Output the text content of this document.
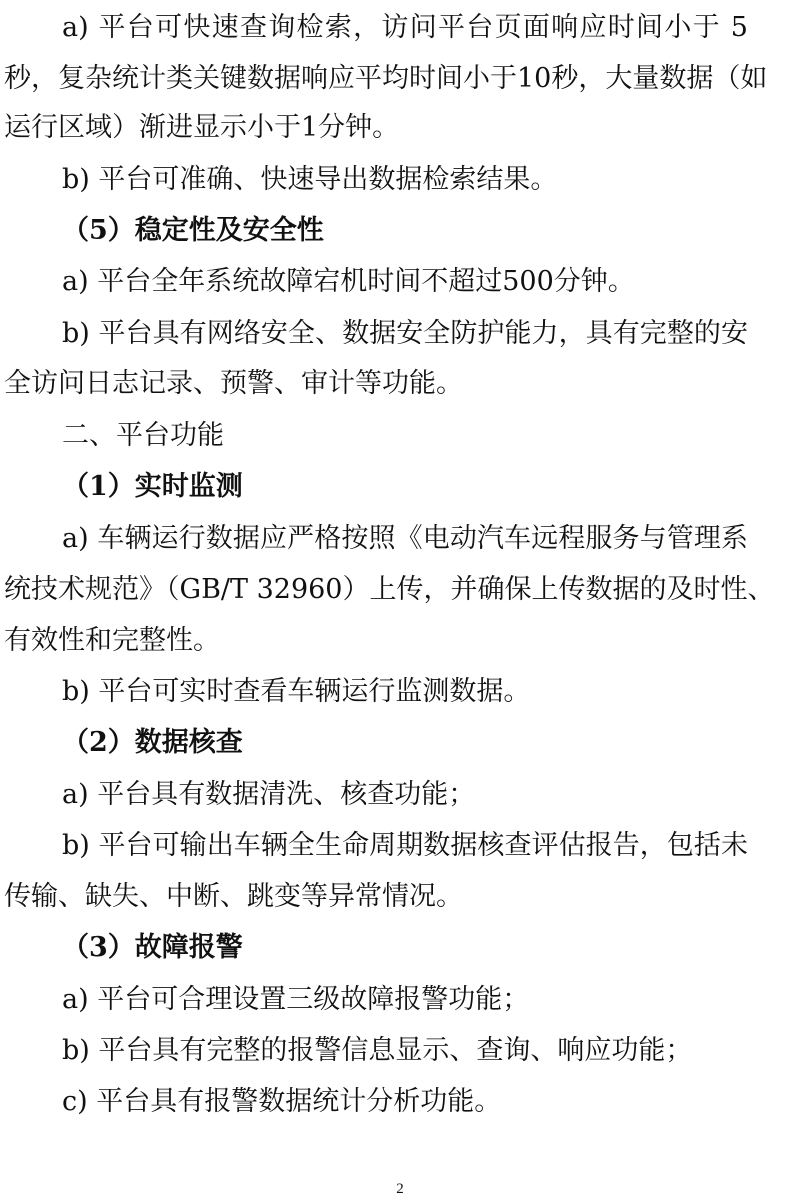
a) 平台可快速查询检索，访问平台页面响应时间小于 5
秒，复杂统计类关键数据响应平均时间小于10秒，大量数据（如
运行区域）渐进显示小于1分钟。
b) 平台可准确、快速导出数据检索结果。
（5）稳定性及安全性
a) 平台全年系统故障宕机时间不超过500分钟。
b) 平台具有网络安全、数据安全防护能力，具有完整的安
全访问日志记录、预警、审计等功能。
二、平台功能
（1）实时监测
a) 车辆运行数据应严格按照《电动汽车远程服务与管理系
统技术规范》（GB/T 32960）上传，并确保上传数据的及时性、
有效性和完整性。
b) 平台可实时查看车辆运行监测数据。
（2）数据核查
a) 平台具有数据清洗、核查功能；
b) 平台可输出车辆全生命周期数据核查评估报告，包括未
传输、缺失、中断、跳变等异常情况。
（3）故障报警
a) 平台可合理设置三级故障报警功能；
b) 平台具有完整的报警信息显示、查询、响应功能；
c) 平台具有报警数据统计分析功能。
2
